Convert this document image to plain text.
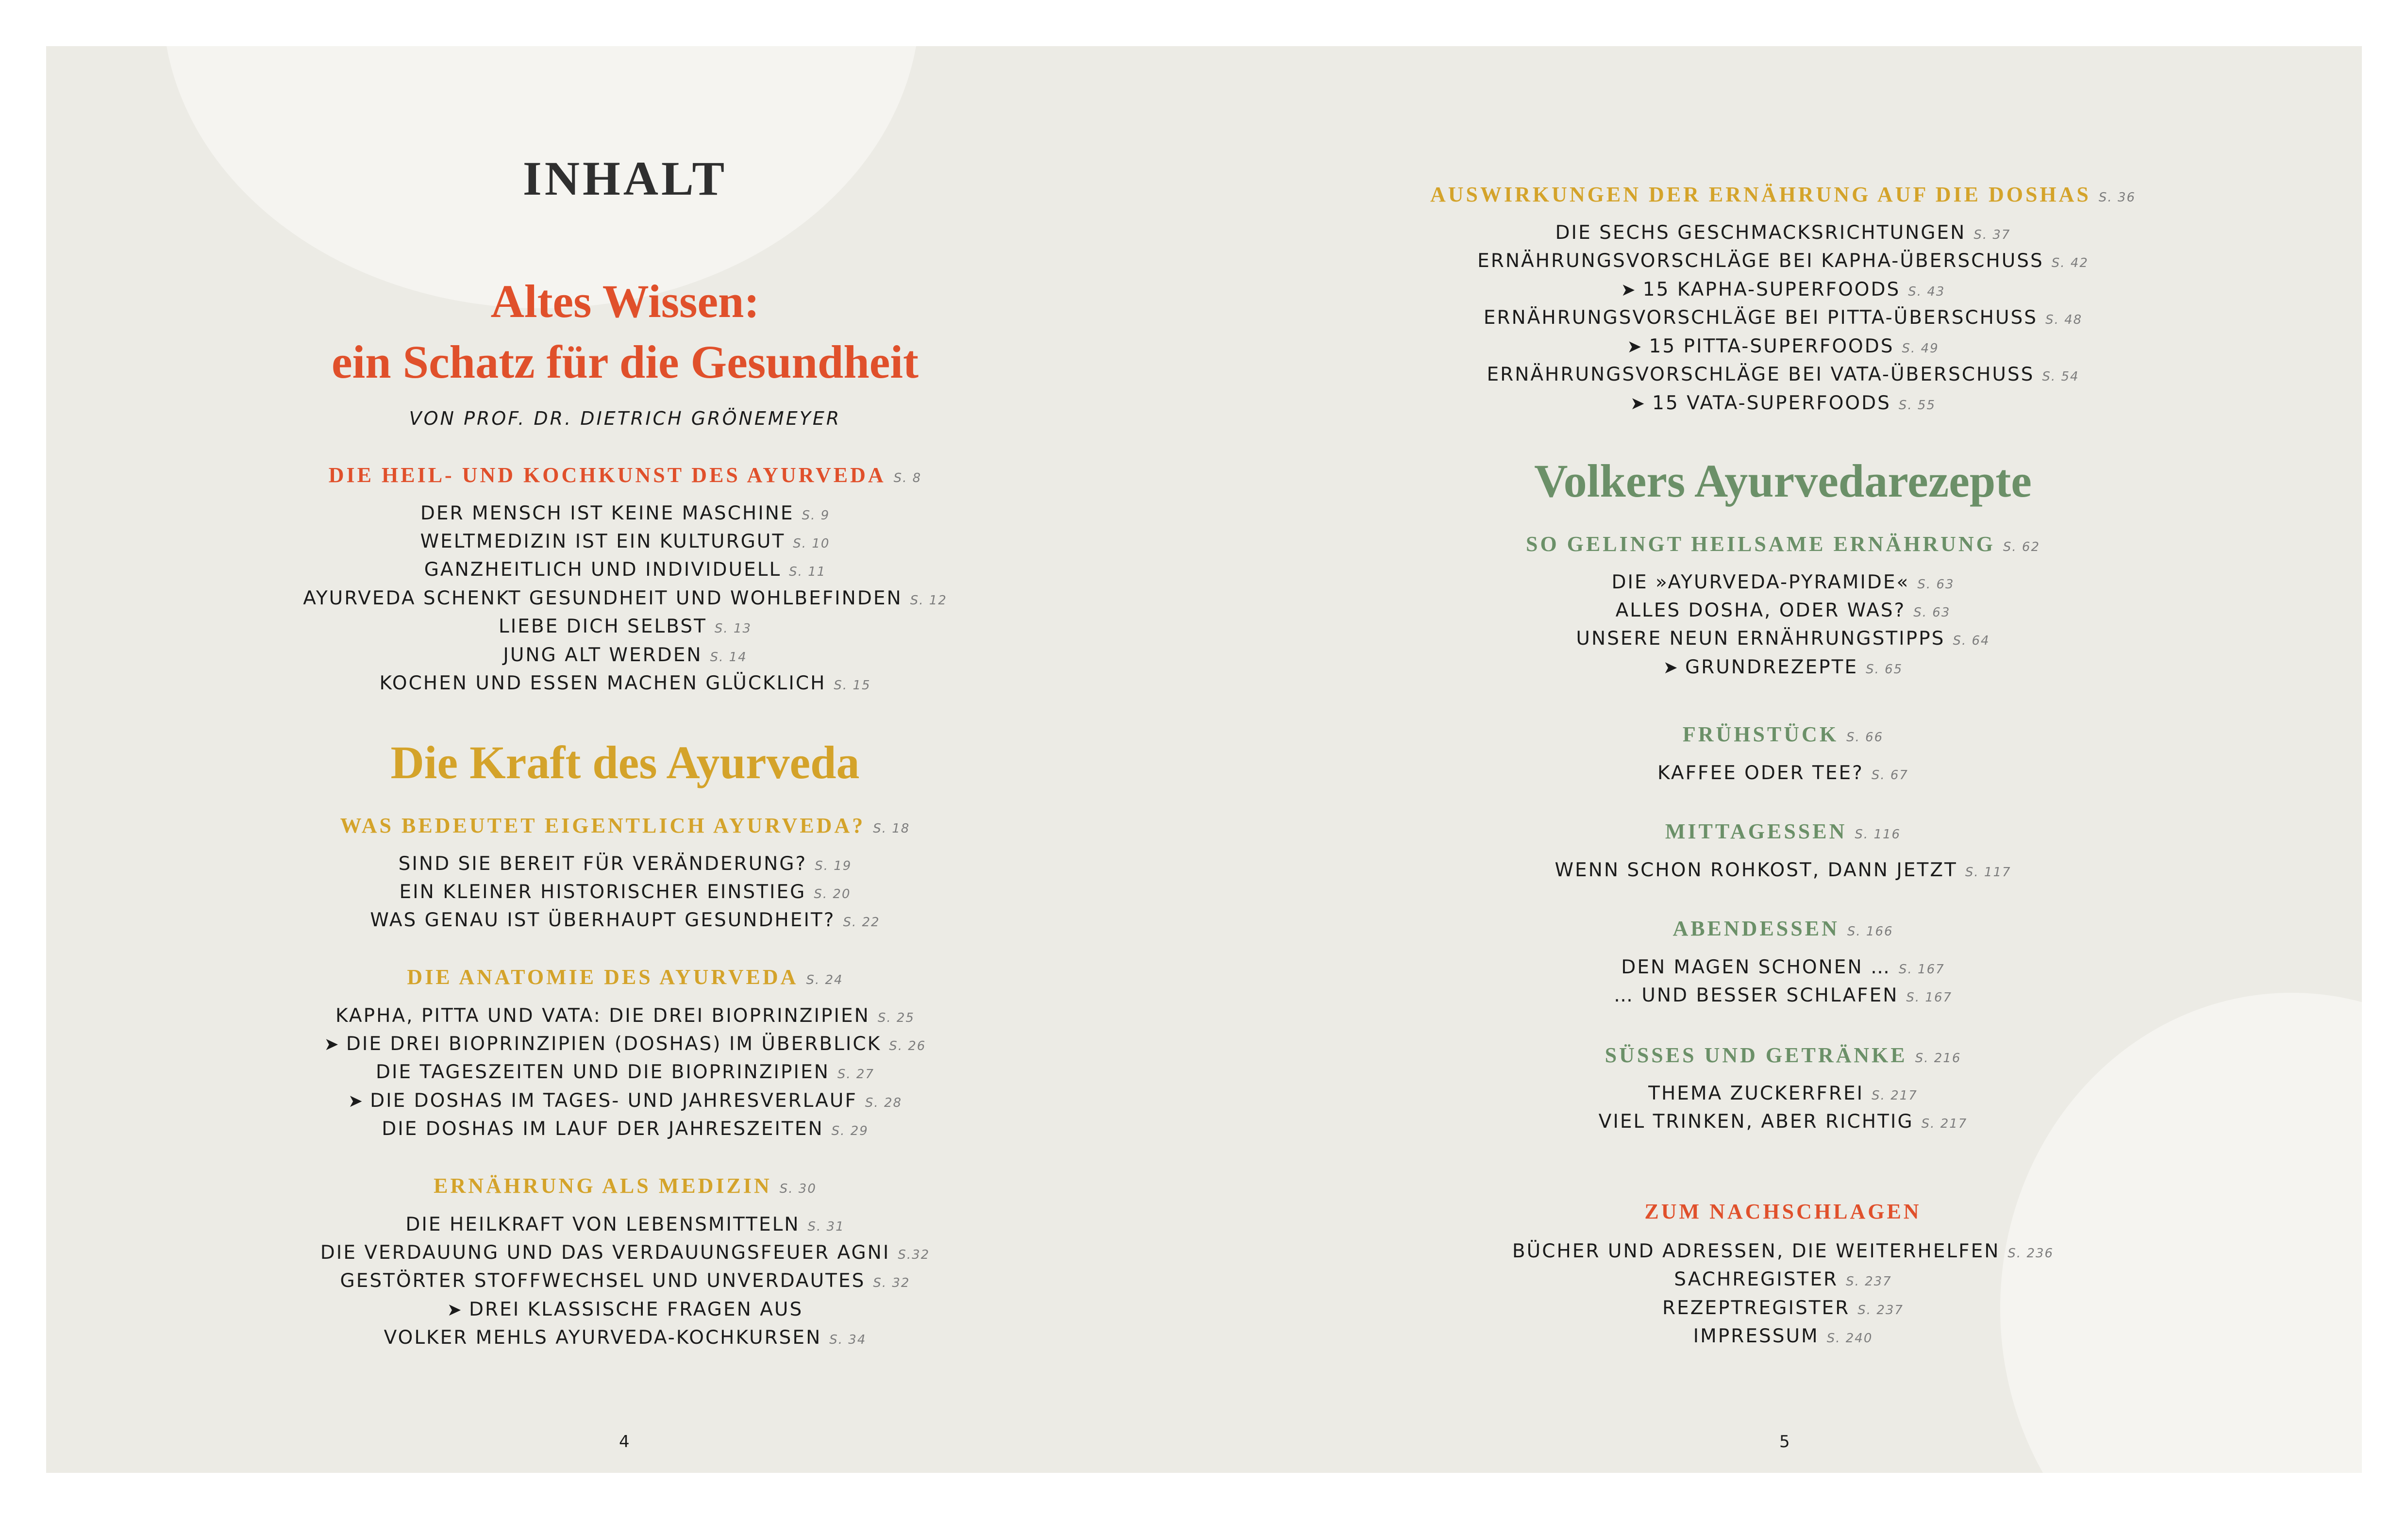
INHALT
Altes Wissen:
ein Schatz für die Gesundheit
VON PROF. DR. DIETRICH GRÖNEMEYER
DIE HEIL- UND KOCHKUNST DES AYURVEDA S. 8
DER MENSCH IST KEINE MASCHINE S. 9
WELTMEDIZIN IST EIN KULTURGUT S. 10
GANZHEITLICH UND INDIVIDUELL S. 11
AYURVEDA SCHENKT GESUNDHEIT UND WOHLBEFINDEN S. 12
LIEBE DICH SELBST S. 13
JUNG ALT WERDEN S. 14
KOCHEN UND ESSEN MACHEN GLÜCKLICH S. 15
Die Kraft des Ayurveda
WAS BEDEUTET EIGENTLICH AYURVEDA? S. 18
SIND SIE BEREIT FÜR VERÄNDERUNG? S. 19
EIN KLEINER HISTORISCHER EINSTIEG S. 20
WAS GENAU IST ÜBERHAUPT GESUNDHEIT? S. 22
DIE ANATOMIE DES AYURVEDA S. 24
KAPHA, PITTA UND VATA: DIE DREI BIOPRINZIPIEN S. 25
➤ DIE DREI BIOPRINZIPIEN (DOSHAS) IM ÜBERBLICK S. 26
DIE TAGESZEITEN UND DIE BIOPRINZIPIEN S. 27
➤ DIE DOSHAS IM TAGES- UND JAHRESVERLAUF S. 28
DIE DOSHAS IM LAUF DER JAHRESZEITEN S. 29
ERNÄHRUNG ALS MEDIZIN S. 30
DIE HEILKRAFT VON LEBENSMITTELN S. 31
DIE VERDAUUNG UND DAS VERDAUUNGSFEUER AGNI S.32
GESTÖRTER STOFFWECHSEL UND UNVERDAUTES S. 32
➤ DREI KLASSISCHE FRAGEN AUS
VOLKER MEHLS AYURVEDA-KOCHKURSEN S. 34
4
AUSWIRKUNGEN DER ERNÄHRUNG AUF DIE DOSHAS S. 36
DIE SECHS GESCHMACKSRICHTUNGEN S. 37
ERNÄHRUNGSVORSCHLÄGE BEI KAPHA-ÜBERSCHUSS S. 42
➤ 15 KAPHA-SUPERFOODS S. 43
ERNÄHRUNGSVORSCHLÄGE BEI PITTA-ÜBERSCHUSS S. 48
➤ 15 PITTA-SUPERFOODS S. 49
ERNÄHRUNGSVORSCHLÄGE BEI VATA-ÜBERSCHUSS S. 54
➤ 15 VATA-SUPERFOODS S. 55
Volkers Ayurvedarezepte
SO GELINGT HEILSAME ERNÄHRUNG S. 62
DIE »AYURVEDA-PYRAMIDE« S. 63
ALLES DOSHA, ODER WAS? S. 63
UNSERE NEUN ERNÄHRUNGSTIPPS S. 64
➤ GRUNDREZEPTE S. 65
FRÜHSTÜCK S. 66
KAFFEE ODER TEE? S. 67
MITTAGESSEN S. 116
WENN SCHON ROHKOST, DANN JETZT S. 117
ABENDESSEN S. 166
DEN MAGEN SCHONEN … S. 167
… UND BESSER SCHLAFEN S. 167
SÜSSES UND GETRÄNKE S. 216
THEMA ZUCKERFREI S. 217
VIEL TRINKEN, ABER RICHTIG S. 217
ZUM NACHSCHLAGEN
BÜCHER UND ADRESSEN, DIE WEITERHELFEN S. 236
SACHREGISTER S. 237
REZEPTREGISTER S. 237
IMPRESSUM S. 240
5
